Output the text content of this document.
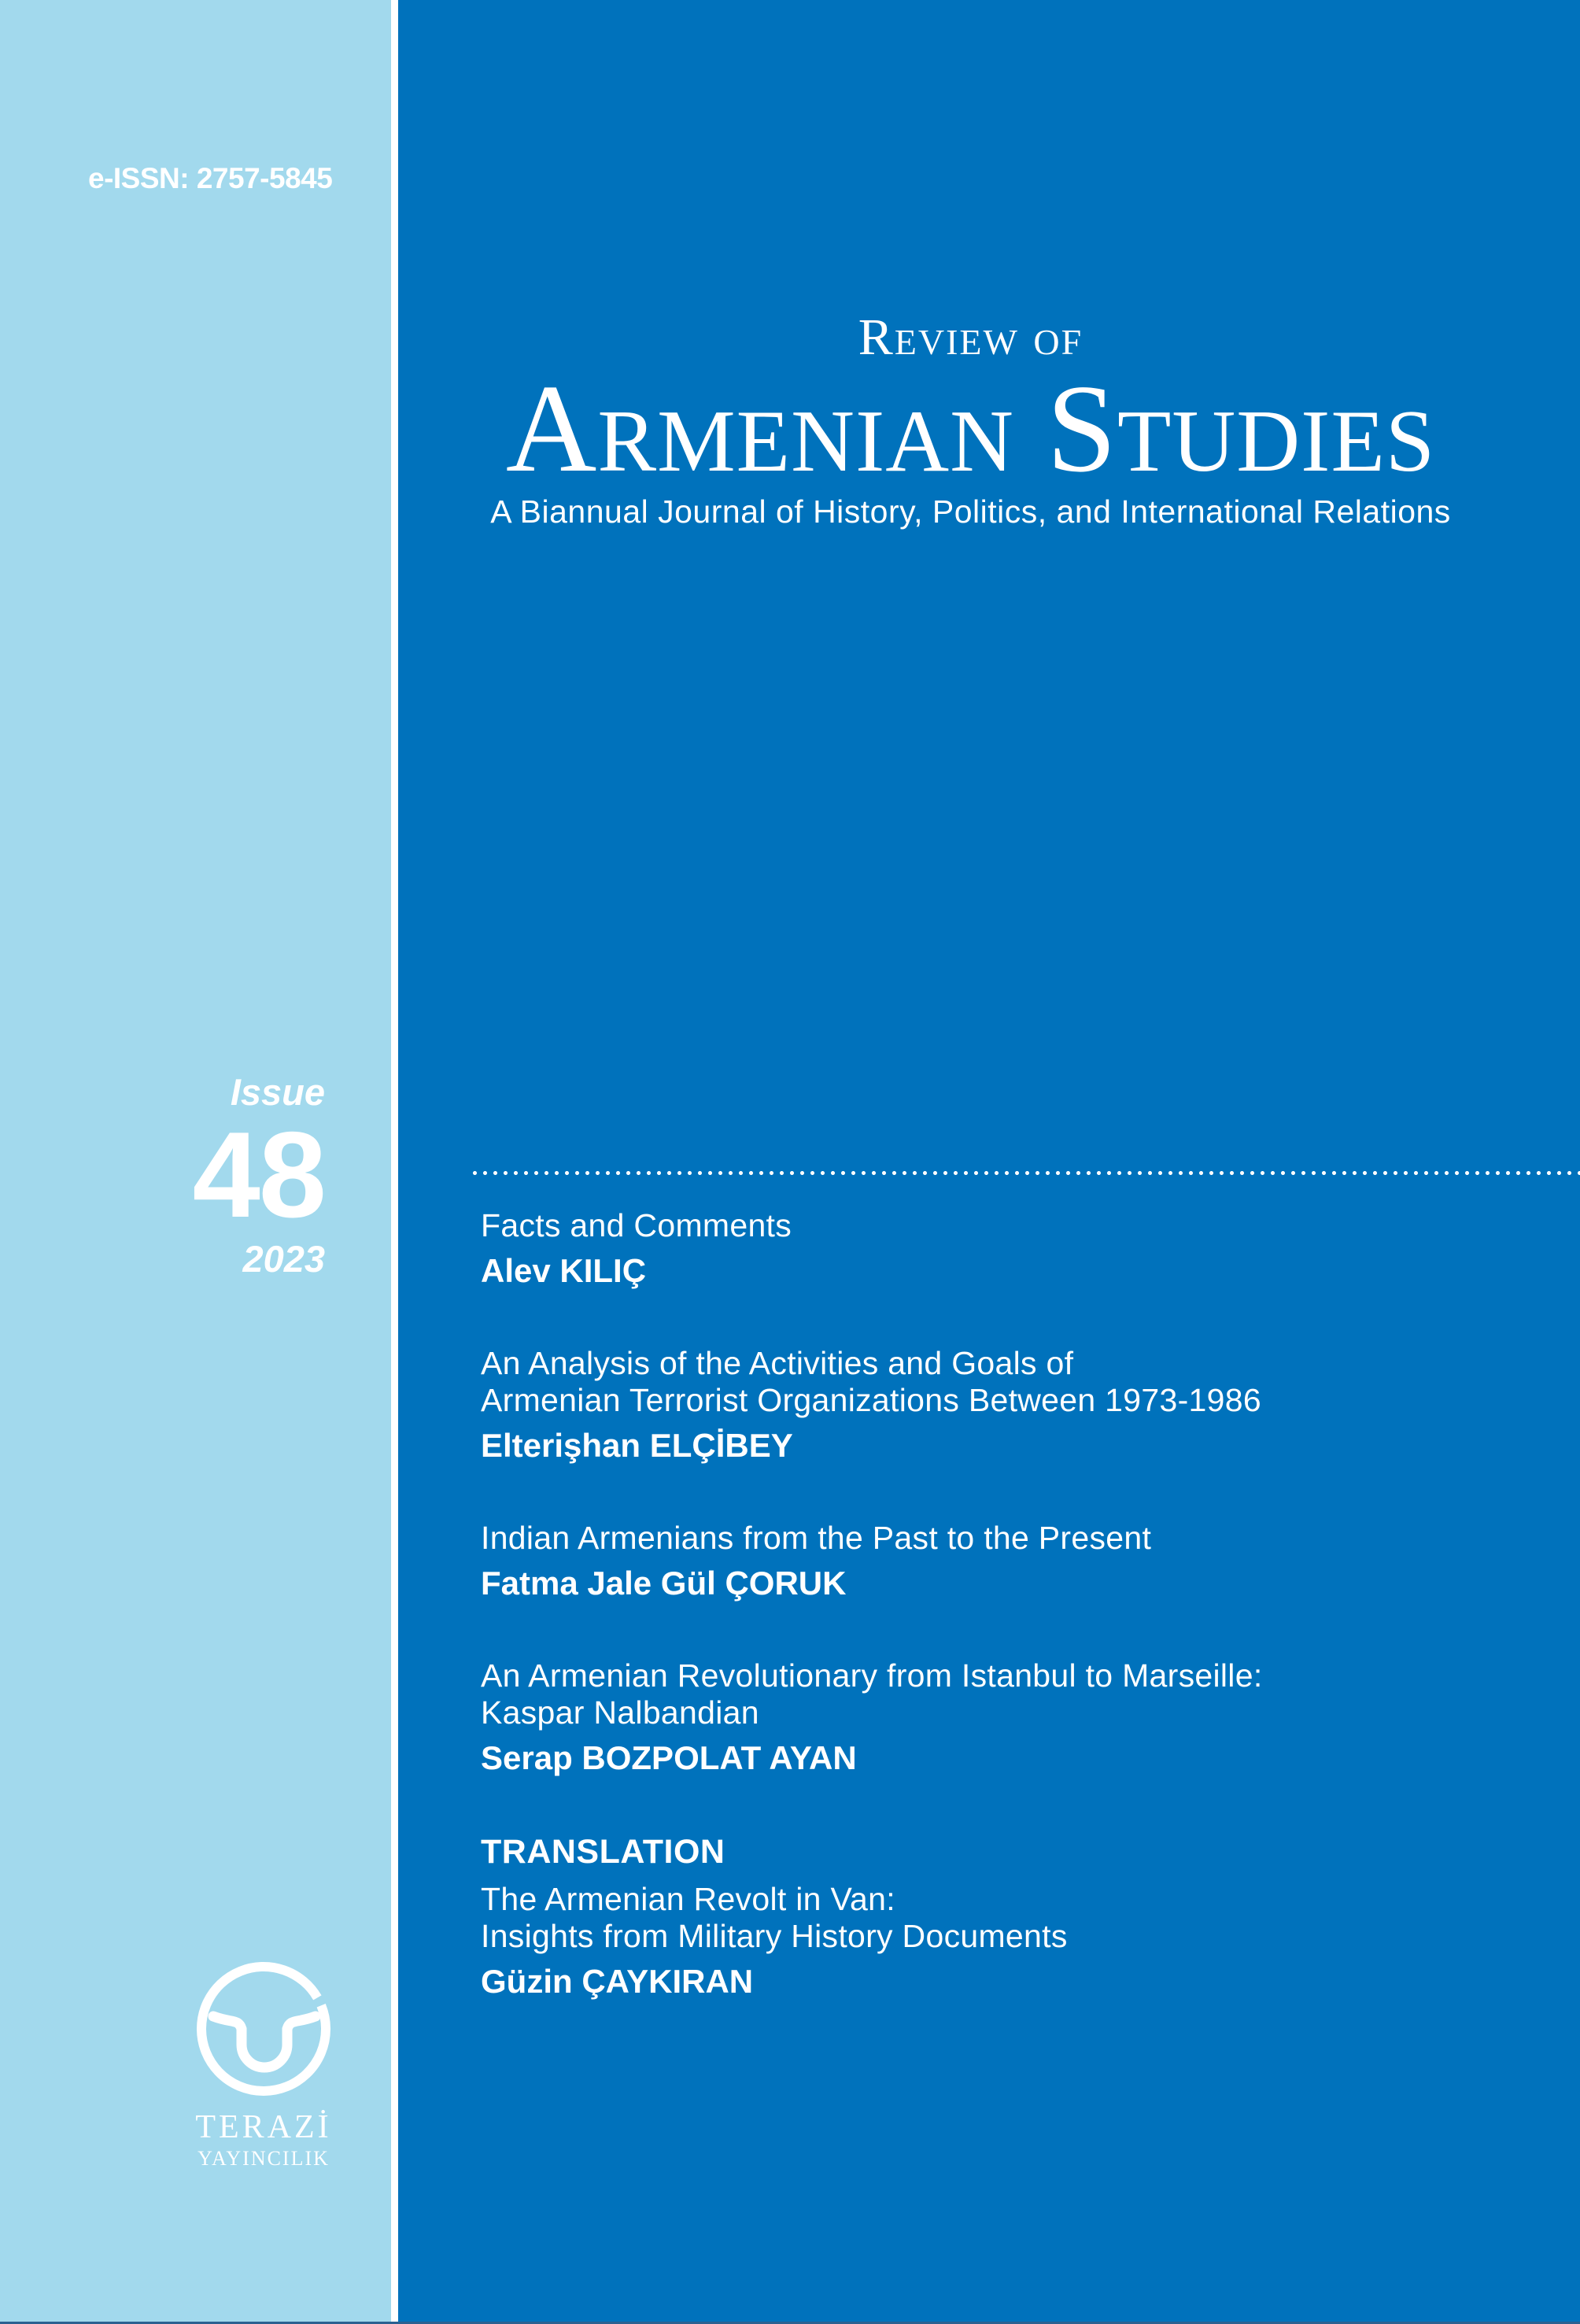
e-ISSN: 2757-5845
Issue
48
2023
TERAZİ
YAYINCILIK
Review of
Armenian Studies
A Biannual Journal of History, Politics, and International Relations
Facts and Comments
Alev KILIÇ
An Analysis of the Activities and Goals of
Armenian Terrorist Organizations Between 1973-1986
Elterişhan ELÇİBEY
Indian Armenians from the Past to the Present
Fatma Jale Gül ÇORUK
An Armenian Revolutionary from Istanbul to Marseille:
Kaspar Nalbandian
Serap BOZPOLAT AYAN
TRANSLATION
The Armenian Revolt in Van:
Insights from Military History Documents
Güzin ÇAYKIRAN
